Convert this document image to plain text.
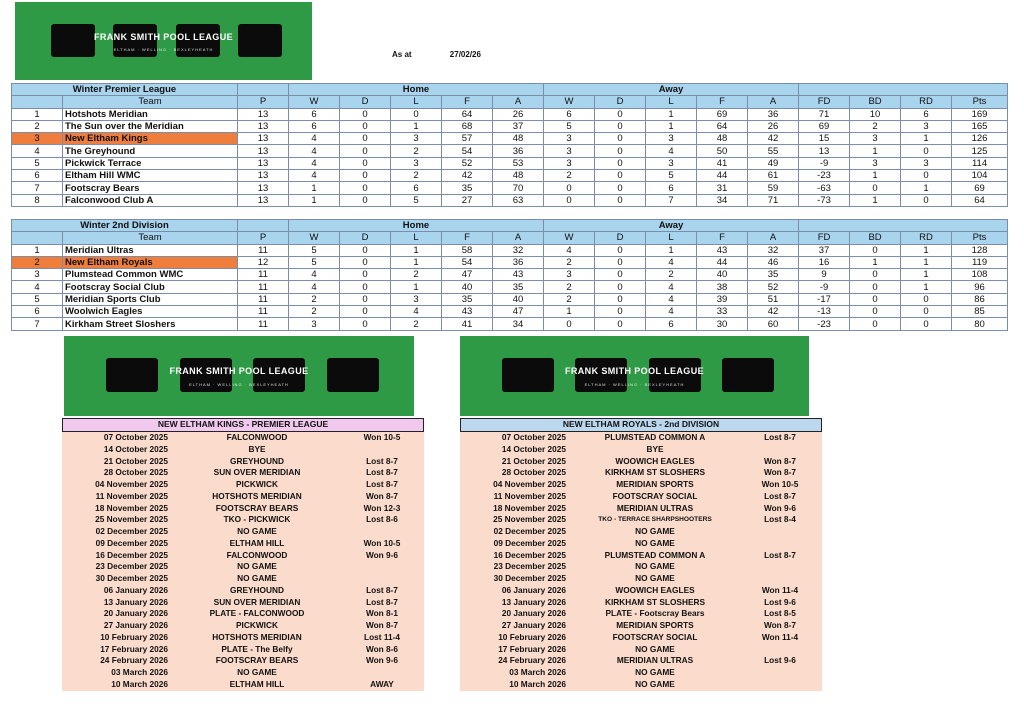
FRANK SMITH POOL LEAGUE
ELTHAM · WELLING · BEXLEYHEATH
As at	27/02/26
Winter Premier League			Home					Away								
	Team	P	W	D	L	F	A	W	D	L	F	A	FD	BD	RD	Pts
1	Hotshots Meridian	13	6	0	0	64	26	6	0	1	69	36	71	10	6	169
2	The Sun over the Meridian	13	6	0	1	68	37	5	0	1	64	26	69	2	3	165
3	New Eltham Kings	13	4	0	3	57	48	3	0	3	48	42	15	3	1	126
4	The Greyhound	13	4	0	2	54	36	3	0	4	50	55	13	1	0	125
5	Pickwick Terrace	13	4	0	3	52	53	3	0	3	41	49	-9	3	3	114
6	Eltham Hill WMC	13	4	0	2	42	48	2	0	5	44	61	-23	1	0	104
7	Footscray Bears	13	1	0	6	35	70	0	0	6	31	59	-63	0	1	69
8	Falconwood Club A	13	1	0	5	27	63	0	0	7	34	71	-73	1	0	64
Winter 2nd Division			Home					Away								
	Team	P	W	D	L	F	A	W	D	L	F	A	FD	BD	RD	Pts
1	Meridian Ultras	11	5	0	1	58	32	4	0	1	43	32	37	0	1	128
2	New Eltham Royals	12	5	0	1	54	36	2	0	4	44	46	16	1	1	119
3	Plumstead Common WMC	11	4	0	2	47	43	3	0	2	40	35	9	0	1	108
4	Footscray Social Club	11	4	0	1	40	35	2	0	4	38	52	-9	0	1	96
5	Meridian Sports Club	11	2	0	3	35	40	2	0	4	39	51	-17	0	0	86
6	Woolwich Eagles	11	2	0	4	43	47	1	0	4	33	42	-13	0	0	85
7	Kirkham Street Sloshers	11	3	0	2	41	34	0	0	6	30	60	-23	0	0	80
FRANK SMITH POOL LEAGUE
ELTHAM · WELLING · BEXLEYHEATH
FRANK SMITH POOL LEAGUE
ELTHAM · WELLING · BEXLEYHEATH
NEW ELTHAM KINGS - PREMIER LEAGUE
07 October 2025	FALCONWOOD	Won 10-5
14 October 2025	BYE
21 October 2025	GREYHOUND	Lost 8-7
28 October 2025	SUN OVER MERIDIAN	Lost 8-7
04 November 2025	PICKWICK	Lost 8-7
11 November 2025	HOTSHOTS MERIDIAN	Won 8-7
18 November 2025	FOOTSCRAY BEARS	Won 12-3
25 November 2025	TKO - PICKWICK	Lost 8-6
02 December 2025	NO GAME
09 December 2025	ELTHAM HILL	Won 10-5
16 December 2025	FALCONWOOD	Won 9-6
23 December 2025	NO GAME
30 December 2025	NO GAME
06 January 2026	GREYHOUND	Lost 8-7
13 January 2026	SUN OVER MERIDIAN	Lost 8-7
20 January 2026	PLATE - FALCONWOOD	Won 8-1
27 January 2026	PICKWICK	Won 8-7
10 February 2026	HOTSHOTS MERIDIAN	Lost 11-4
17 February 2026	PLATE - The Belfy	Won 8-6
24 February 2026	FOOTSCRAY BEARS	Won 9-6
03 March 2026	NO GAME
10 March 2026	ELTHAM HILL	AWAY
NEW ELTHAM ROYALS - 2nd DIVISION
07 October 2025	PLUMSTEAD COMMON A	Lost 8-7
14 October 2025	BYE
21 October 2025	WOOWICH EAGLES	Won 8-7
28 October 2025	KIRKHAM ST SLOSHERS	Won 8-7
04 November 2025	MERIDIAN SPORTS	Won 10-5
11 November 2025	FOOTSCRAY SOCIAL	Lost 8-7
18 November 2025	MERIDIAN ULTRAS	Won 9-6
25 November 2025	TKO - TERRACE SHARPSHOOTERS	Lost 8-4
02 December 2025	NO GAME
09 December 2025	NO GAME
16 December 2025	PLUMSTEAD COMMON A	Lost 8-7
23 December 2025	NO GAME
30 December 2025	NO GAME
06 January 2026	WOOWICH EAGLES	Won 11-4
13 January 2026	KIRKHAM ST SLOSHERS	Lost 9-6
20 January 2026	PLATE - Footscray Bears	Lost 8-5
27 January 2026	MERIDIAN SPORTS	Won 8-7
10 February 2026	FOOTSCRAY SOCIAL	Won 11-4
17 February 2026	NO GAME
24 February 2026	MERIDIAN ULTRAS	Lost 9-6
03 March 2026	NO GAME
10 March 2026	NO GAME
